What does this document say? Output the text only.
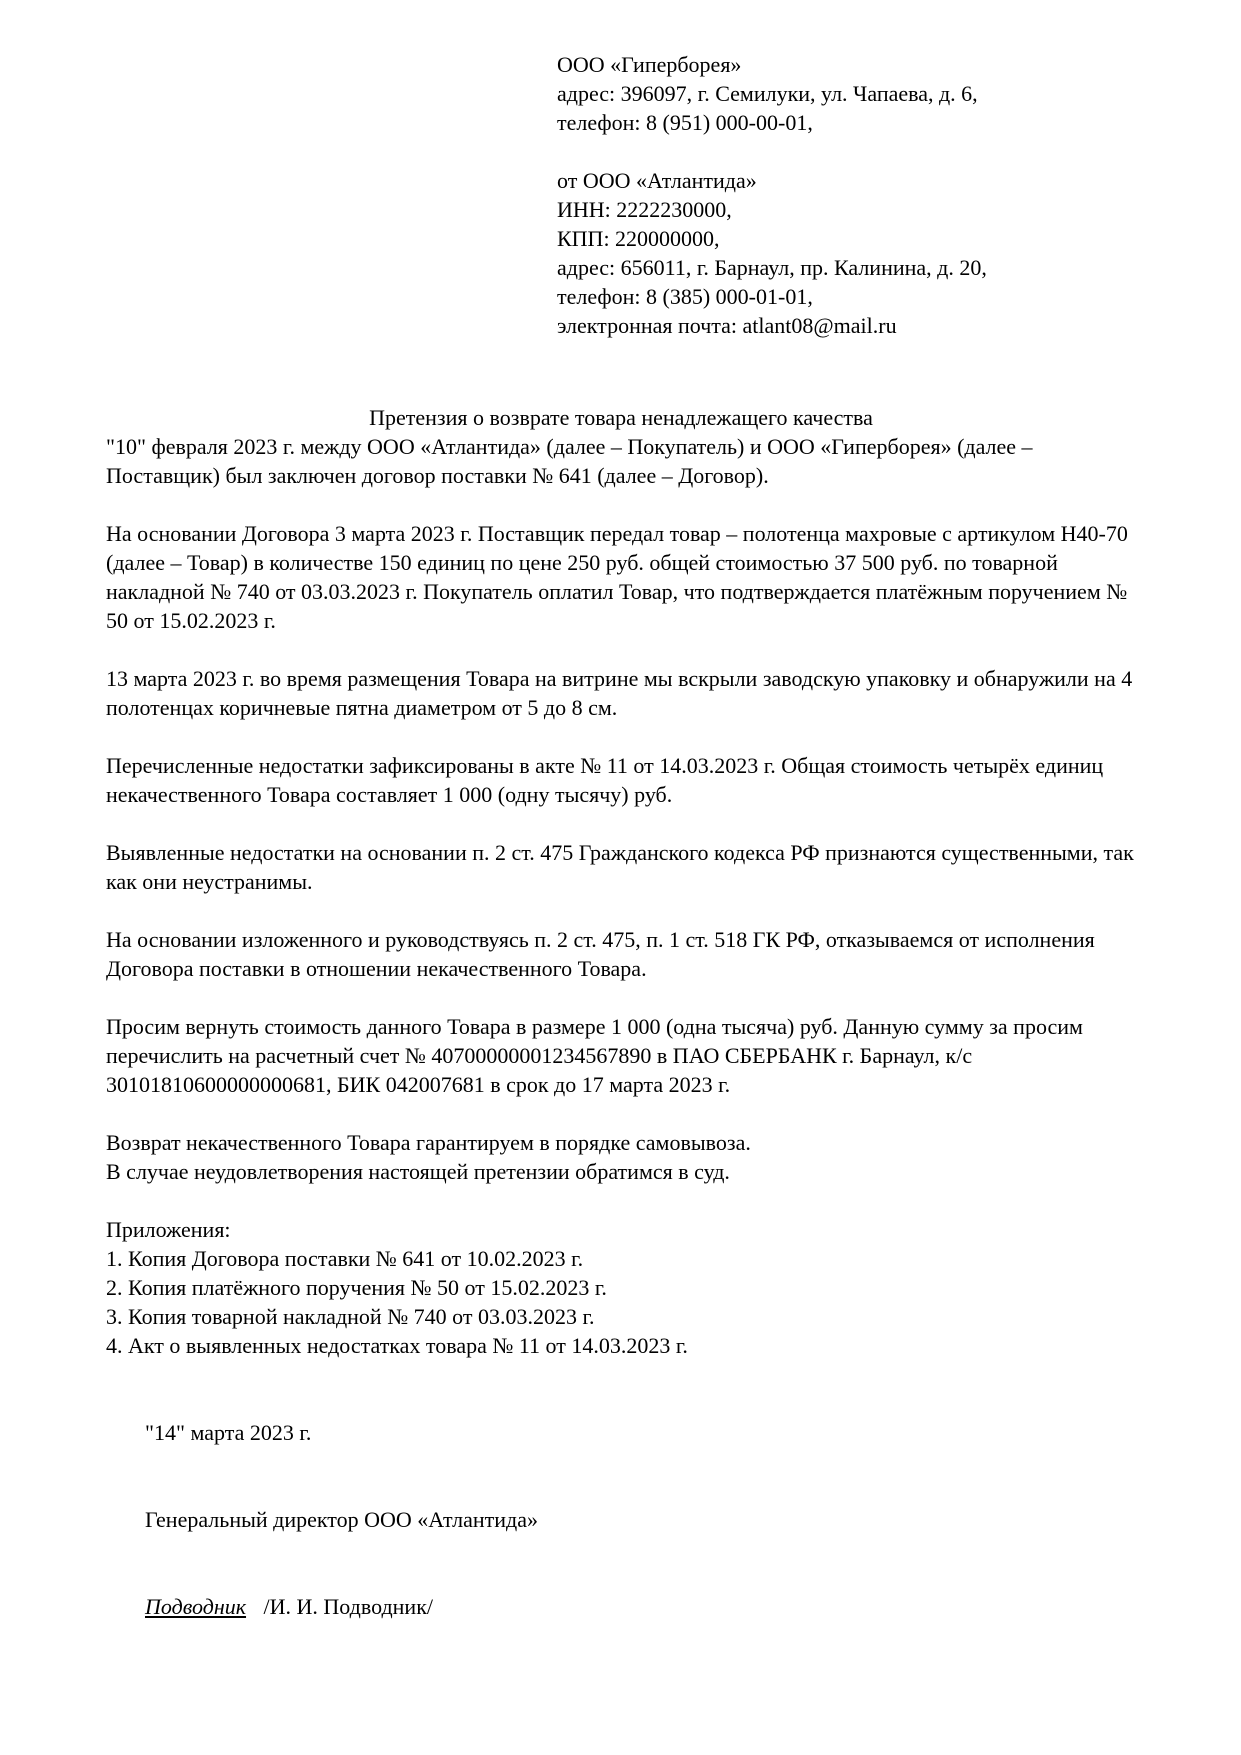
ООО «Гиперборея»
адрес: 396097, г. Семилуки, ул. Чапаева, д. 6,
телефон: 8 (951) 000-00-01,
от ООО «Атлантида»
ИНН: 2222230000,
КПП: 220000000,
адрес: 656011, г. Барнаул, пр. Калинина, д. 20,
телефон: 8 (385) 000-01-01,
электронная почта: atlant08@mail.ru
Претензия о возврате товара ненадлежащего качества
"10" февраля 2023 г. между ООО «Атлантида» (далее – Покупатель) и ООО «Гиперборея» (далее – Поставщик) был заключен договор поставки № 641 (далее – Договор).
На основании Договора 3 марта 2023 г. Поставщик передал товар – полотенца махровые с артикулом Н40-70 (далее – Товар) в количестве 150 единиц по цене 250 руб. общей стоимостью 37 500 руб. по товарной накладной № 740 от 03.03.2023 г. Покупатель оплатил Товар, что подтверждается платёжным поручением № 50 от 15.02.2023 г.
13 марта 2023 г. во время размещения Товара на витрине мы вскрыли заводскую упаковку и обнаружили на 4 полотенцах коричневые пятна диаметром от 5 до 8 см.
Перечисленные недостатки зафиксированы в акте № 11 от 14.03.2023 г. Общая стоимость четырёх единиц некачественного Товара составляет 1 000 (одну тысячу) руб.
Выявленные недостатки на основании п. 2 ст. 475 Гражданского кодекса РФ признаются существенными, так как они неустранимы.
На основании изложенного и руководствуясь п. 2 ст. 475, п. 1 ст. 518 ГК РФ, отказываемся от исполнения Договора поставки в отношении некачественного Товара.
Просим вернуть стоимость данного Товара в размере 1 000 (одна тысяча) руб. Данную сумму за просим перечислить на расчетный счет № 40700000001234567890 в ПАО СБЕРБАНК г. Барнаул, к/с 30101810600000000681, БИК 042007681 в срок до 17 марта 2023 г.
Возврат некачественного Товара гарантируем в порядке самовывоза.
В случае неудовлетворения настоящей претензии обратимся в суд.
Приложения:
1. Копия Договора поставки № 641 от 10.02.2023 г.
2. Копия платёжного поручения № 50 от 15.02.2023 г.
3. Копия товарной накладной № 740 от 03.03.2023 г.
4. Акт о выявленных недостатках товара № 11 от 14.03.2023 г.
"14" марта 2023 г.
Генеральный директор ООО «Атлантида»
Подводник /И. И. Подводник/
